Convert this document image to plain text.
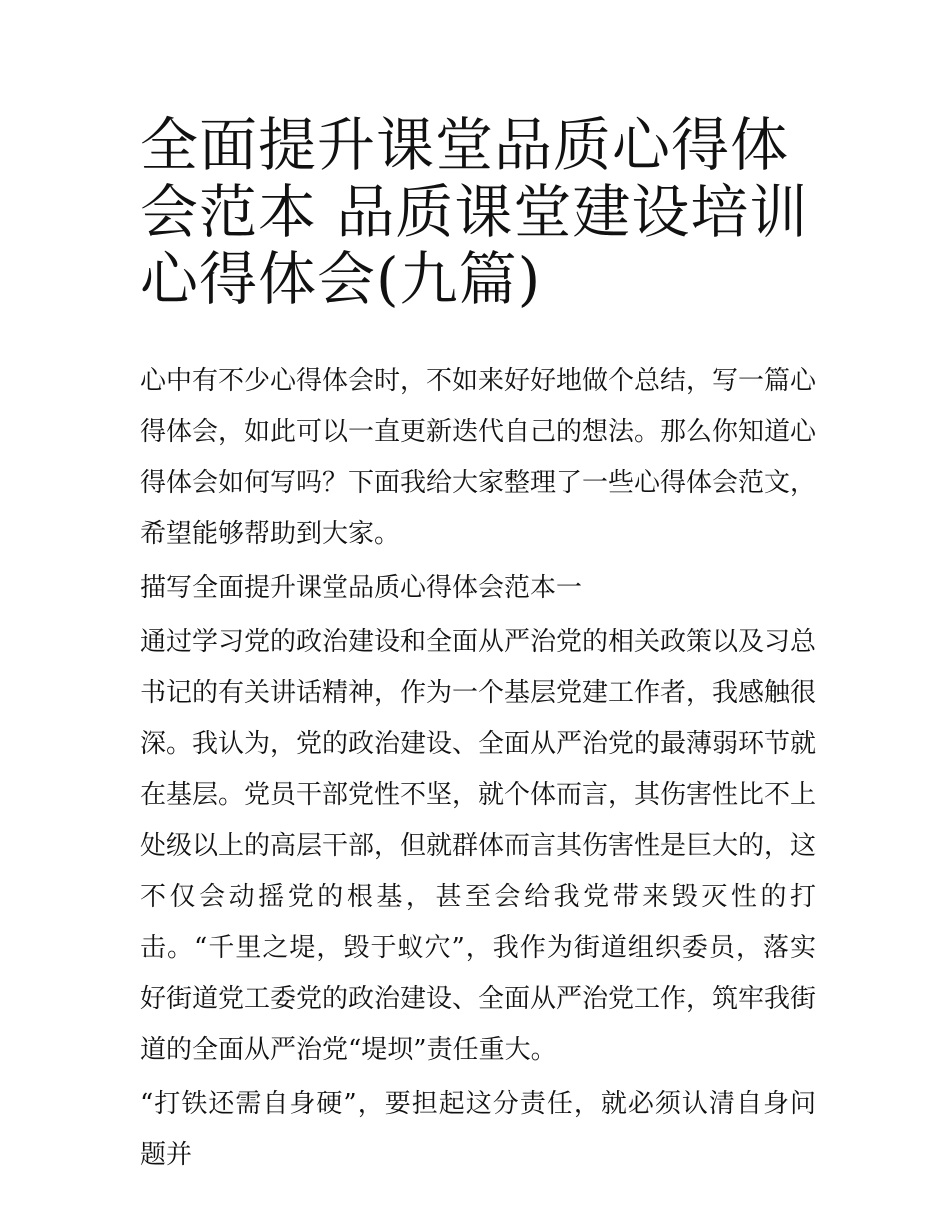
全面提升课堂品质心得体会范本 品质课堂建设培训心得体会(九篇)

心中有不少心得体会时，不如来好好地做个总结，写一篇心得体会，如此可以一直更新迭代自己的想法。那么你知道心得体会如何写吗？下面我给大家整理了一些心得体会范文，希望能够帮助到大家。

描写全面提升课堂品质心得体会范本一

通过学习党的政治建设和全面从严治党的相关政策以及习总书记的有关讲话精神，作为一个基层党建工作者，我感触很深。我认为，党的政治建设、全面从严治党的最薄弱环节就在基层。党员干部党性不坚，就个体而言，其伤害性比不上处级以上的高层干部，但就群体而言其伤害性是巨大的，这不仅会动摇党的根基，甚至会给我党带来毁灭性的打击。“千里之堤，毁于蚁穴”，我作为街道组织委员，落实好街道党工委党的政治建设、全面从严治党工作，筑牢我街道的全面从严治党“堤坝”责任重大。

“打铁还需自身硬”，要担起这分责任，就必须认清自身问题并
